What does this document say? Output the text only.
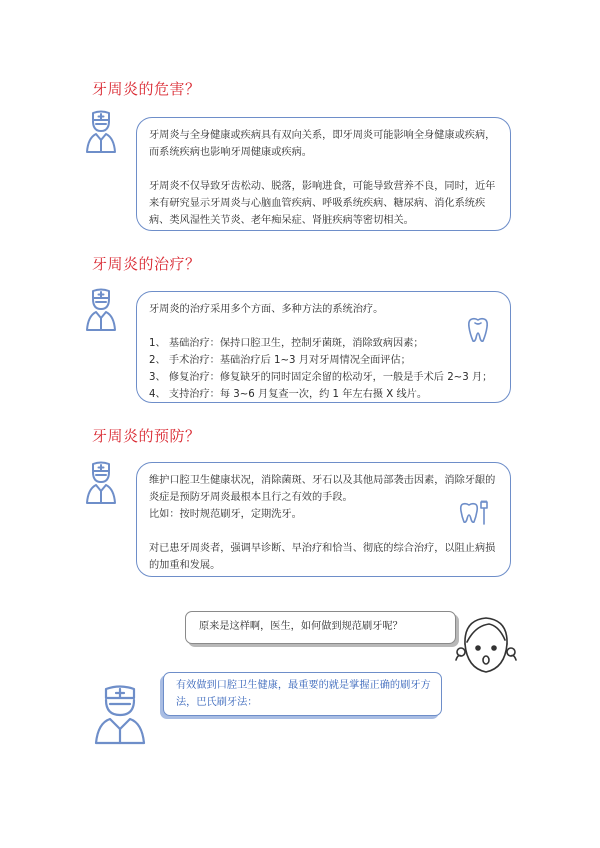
牙周炎的危害？

牙周炎与全身健康或疾病具有双向关系，即牙周炎可能影响全身健康或疾病，而系统疾病也影响牙周健康或疾病。

牙周炎不仅导致牙齿松动、脱落，影响进食，可能导致营养不良，同时，近年来有研究显示牙周炎与心脑血管疾病、呼吸系统疾病、糖尿病、消化系统疾病、类风湿性关节炎、老年痴呆症、肾脏疾病等密切相关。

牙周炎的治疗？

牙周炎的治疗采用多个方面、多种方法的系统治疗。

1、 基础治疗：保持口腔卫生，控制牙菌斑，消除致病因素；

2、 手术治疗：基础治疗后 1~3 月对牙周情况全面评估；

3、 修复治疗：修复缺牙的同时固定余留的松动牙，一般是手术后 2~3 月；

4、 支持治疗：每 3~6 月复查一次，约 1 年左右摄 X 线片。

牙周炎的预防？

维护口腔卫生健康状况，消除菌斑、牙石以及其他局部袭击因素，消除牙龈的炎症是预防牙周炎最根本且行之有效的手段。

比如：按时规范刷牙，定期洗牙。

对已患牙周炎者，强调早诊断、早治疗和恰当、彻底的综合治疗，以阻止病损的加重和发展。

原来是这样啊，医生，如何做到规范刷牙呢？
有效做到口腔卫生健康，最重要的就是掌握正确的刷牙方法，巴氏刷牙法：
